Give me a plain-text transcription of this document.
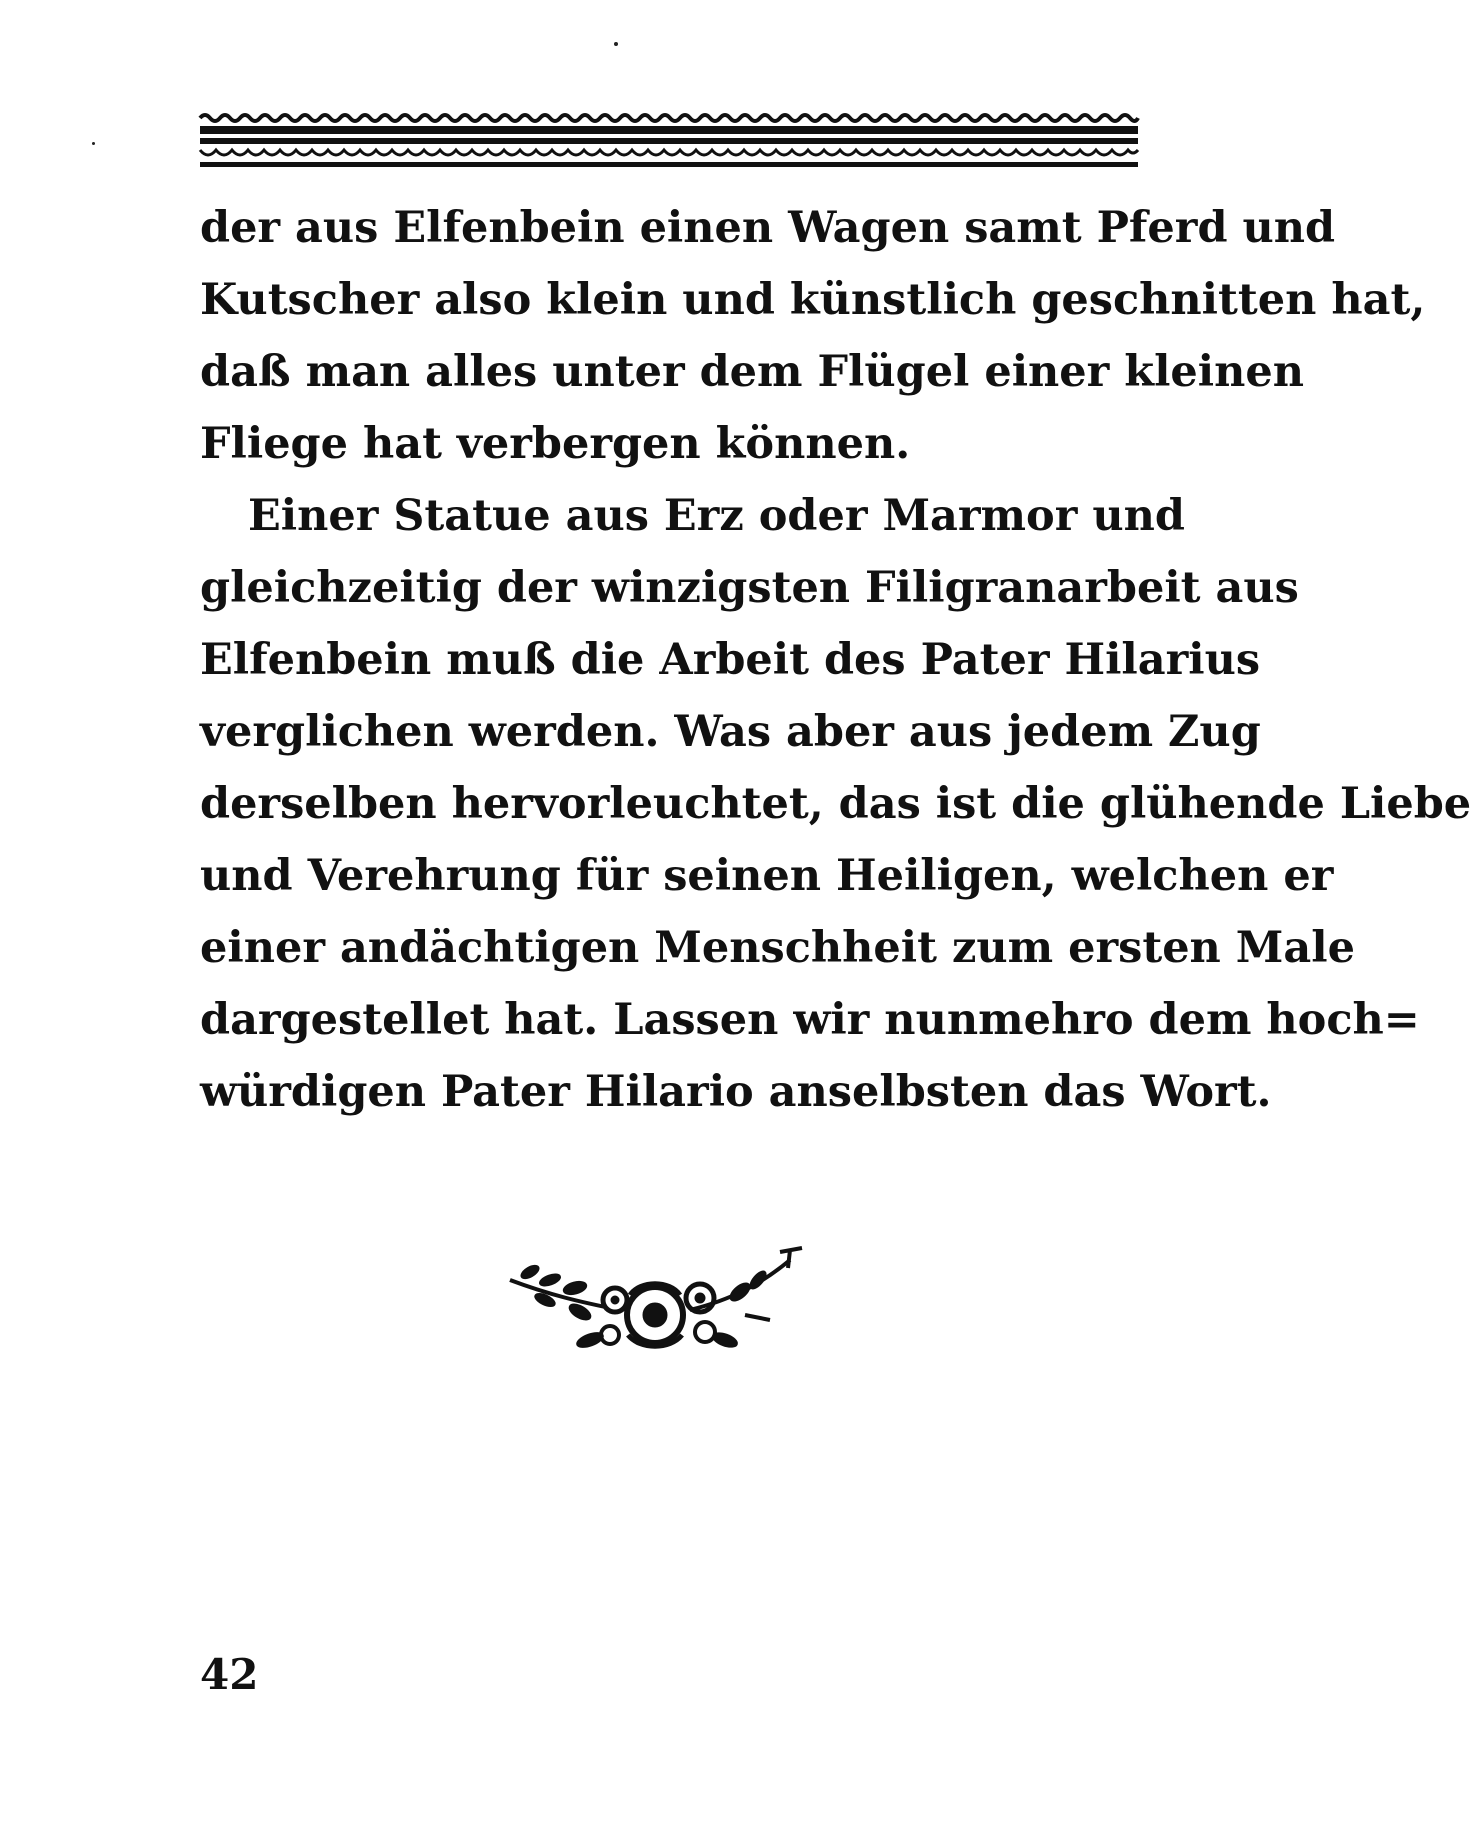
der aus Elfenbein einen Wagen samt Pferd und
Kutscher also klein und künstlich geschnitten hat,
daß man alles unter dem Flügel einer kleinen
Fliege hat verbergen können.
Einer Statue aus Erz oder Marmor und
gleichzeitig der winzigsten Filigranarbeit aus
Elfenbein muß die Arbeit des Pater Hilarius
verglichen werden. Was aber aus jedem Zug
derselben hervorleuchtet, das ist die glühende Liebe
und Verehrung für seinen Heiligen, welchen er
einer andächtigen Menschheit zum ersten Male
dargestellet hat. Lassen wir nunmehro dem hoch=
würdigen Pater Hilario anselbsten das Wort.
42
